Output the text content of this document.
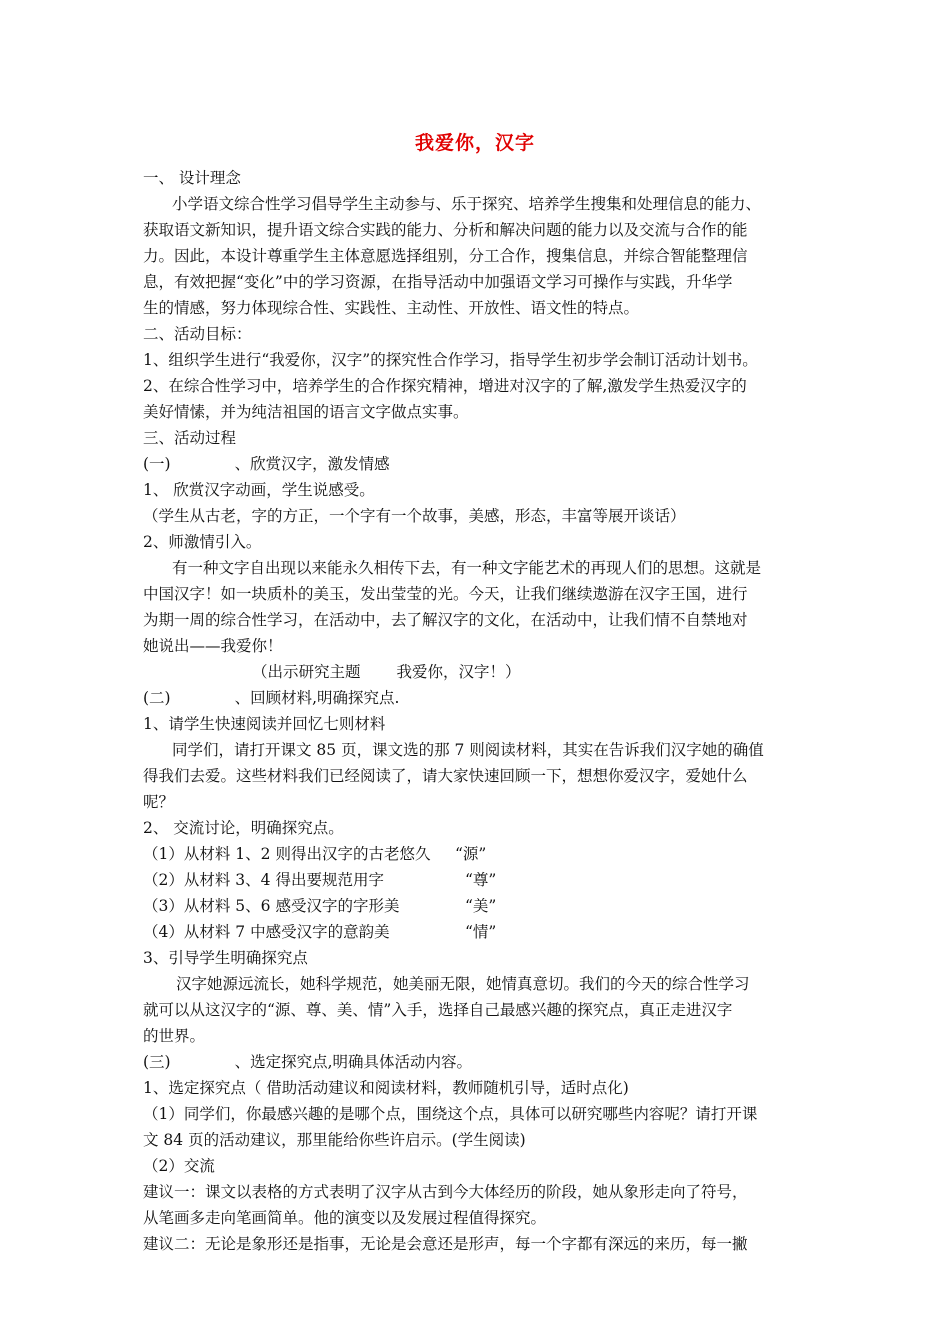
我爱你，汉字
一、 设计理念
小学语文综合性学习倡导学生主动参与、乐于探究、培养学生搜集和处理信息的能力、
获取语文新知识，提升语文综合实践的能力、分析和解决问题的能力以及交流与合作的能
力。因此，本设计尊重学生主体意愿选择组别，分工合作，搜集信息，并综合智能整理信
息，有效把握“变化”中的学习资源，在指导活动中加强语文学习可操作与实践，升华学
生的情感，努力体现综合性、实践性、主动性、开放性、语文性的特点。
二、活动目标：
1、组织学生进行“我爱你，汉字”的探究性合作学习，指导学生初步学会制订活动计划书。
2、在综合性学习中，培养学生的合作探究精神，增进对汉字的了解,激发学生热爱汉字的
美好情愫，并为纯洁祖国的语言文字做点实事。
三、活动过程
(一)	、欣赏汉字，激发情感
1、 欣赏汉字动画，学生说感受。
（学生从古老，字的方正，一个字有一个故事，美感，形态，丰富等展开谈话）
2、师激情引入。
有一种文字自出现以来能永久相传下去，有一种文字能艺术的再现人们的思想。这就是
中国汉字！如一块质朴的美玉，发出莹莹的光。今天，让我们继续遨游在汉字王国，进行
为期一周的综合性学习，在活动中，去了解汉字的文化，在活动中，让我们情不自禁地对
她说出——我爱你！
（出示研究主题 我爱你，汉字！）
(二)	、回顾材料,明确探究点.
1、请学生快速阅读并回忆七则材料
同学们，请打开课文 85 页，课文选的那 7 则阅读材料，其实在告诉我们汉字她的确值
得我们去爱。这些材料我们已经阅读了，请大家快速回顾一下，想想你爱汉字，爱她什么
呢？
2、 交流讨论，明确探究点。
（1）从材料 1、2 则得出汉字的古老悠久 “源”
（2）从材料 3、4 得出要规范用字	“尊”
（3）从材料 5、6 感受汉字的字形美	“美”
（4）从材料 7 中感受汉字的意韵美	“情”
3、引导学生明确探究点
汉字她源远流长，她科学规范，她美丽无限，她情真意切。我们的今天的综合性学习
就可以从这汉字的“源、尊、美、情”入手，选择自己最感兴趣的探究点，真正走进汉字
的世界。
(三)	、选定探究点,明确具体活动内容。
1、选定探究点（ 借助活动建议和阅读材料，教师随机引导，适时点化)
（1）同学们，你最感兴趣的是哪个点，围绕这个点，具体可以研究哪些内容呢？请打开课
文 84 页的活动建议，那里能给你些许启示。(学生阅读)
（2）交流
建议一：课文以表格的方式表明了汉字从古到今大体经历的阶段，她从象形走向了符号，
从笔画多走向笔画简单。他的演变以及发展过程值得探究。
建议二：无论是象形还是指事，无论是会意还是形声，每一个字都有深远的来历，每一撇
